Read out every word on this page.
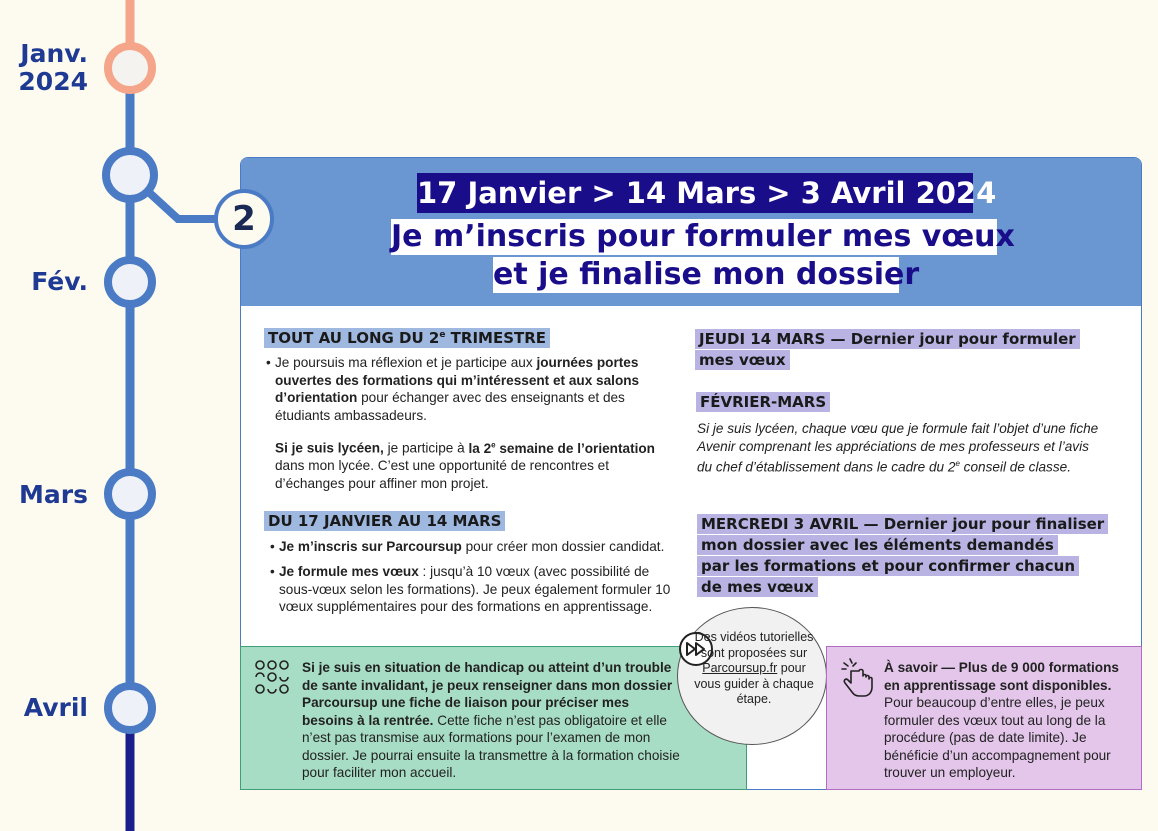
Janv.
2024
Fév.
Mars
Avril
17 Janvier > 14 Mars > 3 Avril 2024
Je m’inscris pour formuler mes vœux
et je finalise mon dossier
TOUT AU LONG DU 2e TRIMESTRE
• Je poursuis ma réflexion et je participe aux journées portes ouvertes des formations qui m’intéressent et aux salons d’orientation pour échanger avec des enseignants et des étudiants ambassadeurs.
Si je suis lycéen, je participe à la 2e semaine de l’orientation dans mon lycée. C’est une opportunité de rencontres et d’échanges pour affiner mon projet.
DU 17 JANVIER AU 14 MARS
• Je m’inscris sur Parcoursup pour créer mon dossier candidat.
• Je formule mes vœux : jusqu’à 10 vœux (avec possibilité de sous-vœux selon les formations). Je peux également formuler 10 vœux supplémentaires pour des formations en apprentissage.
JEUDI 14 MARS — Dernier jour pour formuler
mes vœux
FÉVRIER-MARS
Si je suis lycéen, chaque vœu que je formule fait l’objet d’une fiche Avenir comprenant les appréciations de mes professeurs et l’avis du chef d’établissement dans le cadre du 2e conseil de classe.
MERCREDI 3 AVRIL — Dernier jour pour finaliser
mon dossier avec les éléments demandés
par les formations et pour confirmer chacun
de mes vœux
2
Si je suis en situation de handicap ou atteint d’un trouble de sante invalidant, je peux renseigner dans mon dossier Parcoursup une fiche de liaison pour préciser mes besoins à la rentrée. Cette fiche n’est pas obligatoire et elle n’est pas transmise aux formations pour l’examen de mon dossier. Je pourrai ensuite la transmettre à la formation choisie pour faciliter mon accueil.
Des vidéos tutorielles sont proposées sur Parcoursup.fr pour vous guider à chaque étape.
À savoir — Plus de 9 000 formations en apprentissage sont disponibles. Pour beaucoup d’entre elles, je peux formuler des vœux tout au long de la procédure (pas de date limite). Je bénéficie d’un accompagnement pour trouver un employeur.
